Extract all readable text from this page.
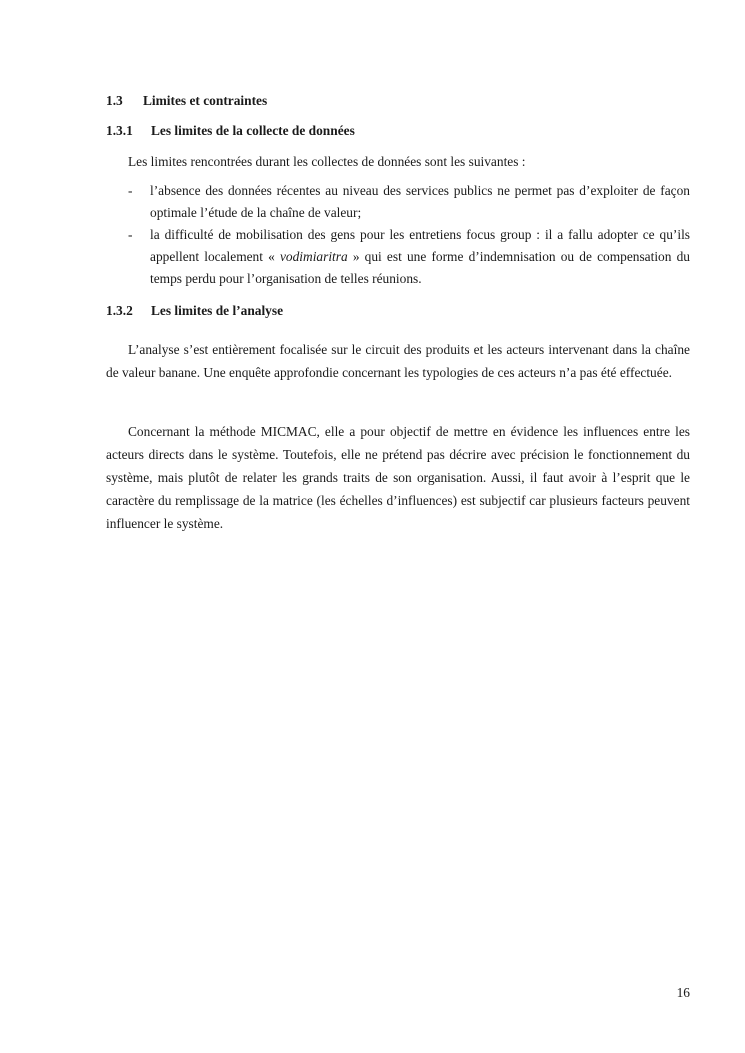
1.3 Limites et contraintes
1.3.1 Les limites de la collecte de données
Les limites rencontrées durant les collectes de données sont les suivantes :
- l’absence des données récentes au niveau des services publics ne permet pas d’exploiter de façon optimale l’étude de la chaîne de valeur;
- la difficulté de mobilisation des gens pour les entretiens focus group : il a fallu adopter ce qu’ils appellent localement « vodimiaritra » qui est une forme d’indemnisation ou de compensation du temps perdu pour l’organisation de telles réunions.
1.3.2 Les limites de l’analyse

L’analyse s’est entièrement focalisée sur le circuit des produits et les acteurs intervenant dans la chaîne de valeur banane. Une enquête approfondie concernant les typologies de ces acteurs n’a pas été effectuée.

Concernant la méthode MICMAC, elle a pour objectif de mettre en évidence les influences entre les acteurs directs dans le système. Toutefois, elle ne prétend pas décrire avec précision le fonctionnement du système, mais plutôt de relater les grands traits de son organisation. Aussi, il faut avoir à l’esprit que le caractère du remplissage de la matrice (les échelles d’influences) est subjectif car plusieurs facteurs peuvent influencer le système.

16
